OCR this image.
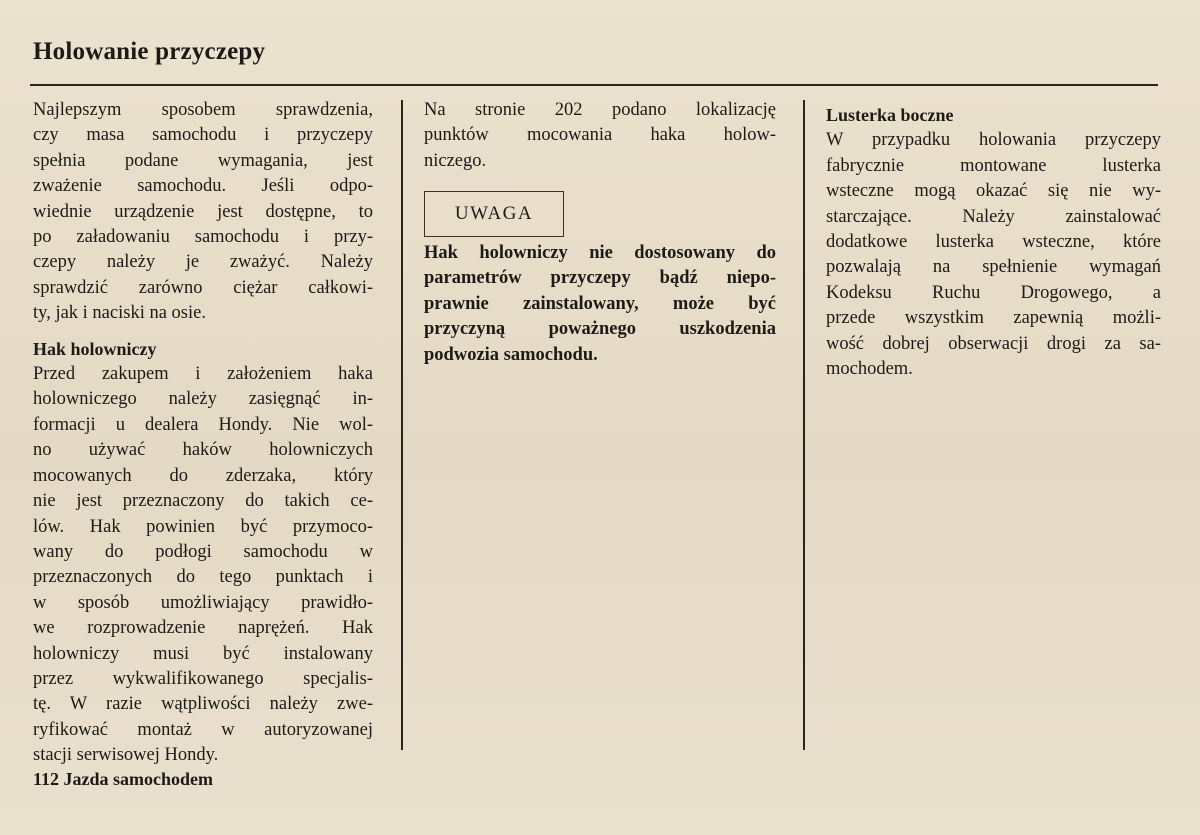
Holowanie przyczepy

Najlepszym sposobem sprawdzenia,
czy masa samochodu i przyczepy
spełnia podane wymagania, jest
zważenie samochodu. Jeśli odpo-
wiednie urządzenie jest dostępne, to
po załadowaniu samochodu i przy-
czepy należy je zważyć. Należy
sprawdzić zarówno ciężar całkowi-
ty, jak i naciski na osie.

Hak holowniczy

Przed zakupem i założeniem haka
holowniczego należy zasięgnąć in-
formacji u dealera Hondy. Nie wol-
no używać haków holowniczych
mocowanych do zderzaka, który
nie jest przeznaczony do takich ce-
lów. Hak powinien być przymoco-
wany do podłogi samochodu w
przeznaczonych do tego punktach i
w sposób umożliwiający prawidło-
we rozprowadzenie naprężeń. Hak
holowniczy musi być instalowany
przez wykwalifikowanego specjalis-
tę. W razie wątpliwości należy zwe-
ryfikować montaż w autoryzowanej
stacji serwisowej Hondy.

Na stronie 202 podano lokalizację
punktów mocowania haka holow-
niczego.

UWAGA

Hak holowniczy nie dostosowany do
parametrów przyczepy bądź niepo-
prawnie zainstalowany, może być
przyczyną poważnego uszkodzenia
podwozia samochodu.

Lusterka boczne

W przypadku holowania przyczepy
fabrycznie montowane lusterka
wsteczne mogą okazać się nie wy-
starczające. Należy zainstalować
dodatkowe lusterka wsteczne, które
pozwalają na spełnienie wymagań
Kodeksu Ruchu Drogowego, a
przede wszystkim zapewnią możli-
wość dobrej obserwacji drogi za sa-
mochodem.

112 Jazda samochodem
